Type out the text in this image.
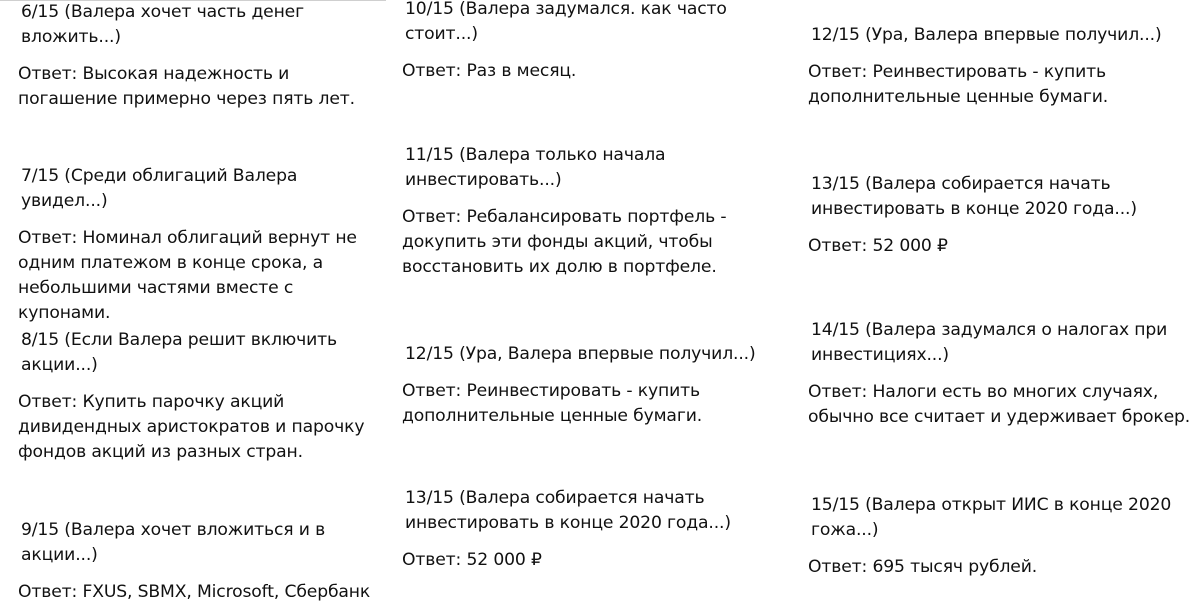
6/15 (Валера хочет часть денег вложить...)

Ответ: Высокая надежность и погашение примерно через пять лет.

7/15 (Среди облигаций Валера увидел...)

Ответ: Номинал облигаций вернут не одним платежом в конце срока, а небольшими частями вместе с купонами.

8/15 (Если Валера решит включить акции...)

Ответ: Купить парочку акций дивидендных аристократов и парочку фондов акций из разных стран.

9/15 (Валера хочет вложиться и в акции...)

Ответ: FXUS, SBMX, Microsoft, Сбербанк

10/15 (Валера задумался. как часто стоит...)

Ответ: Раз в месяц.

11/15 (Валера только начала инвестировать...)

Ответ: Ребалансировать портфель - докупить эти фонды акций, чтобы восстановить их долю в портфеле.

12/15 (Ура, Валера впервые получил...)

Ответ: Реинвестировать - купить дополнительные ценные бумаги.

13/15 (Валера собирается начать инвестировать в конце 2020 года...)

Ответ: 52 000 ₽

12/15 (Ура, Валера впервые получил...)

Ответ: Реинвестировать - купить дополнительные ценные бумаги.

13/15 (Валера собирается начать инвестировать в конце 2020 года...)

Ответ: 52 000 ₽

14/15 (Валера задумался о налогах при инвестициях...)

Ответ: Налоги есть во многих случаях, обычно все считает и удерживает брокер.

15/15 (Валера открыт ИИС в конце 2020 гожа...)

Ответ: 695 тысяч рублей.
